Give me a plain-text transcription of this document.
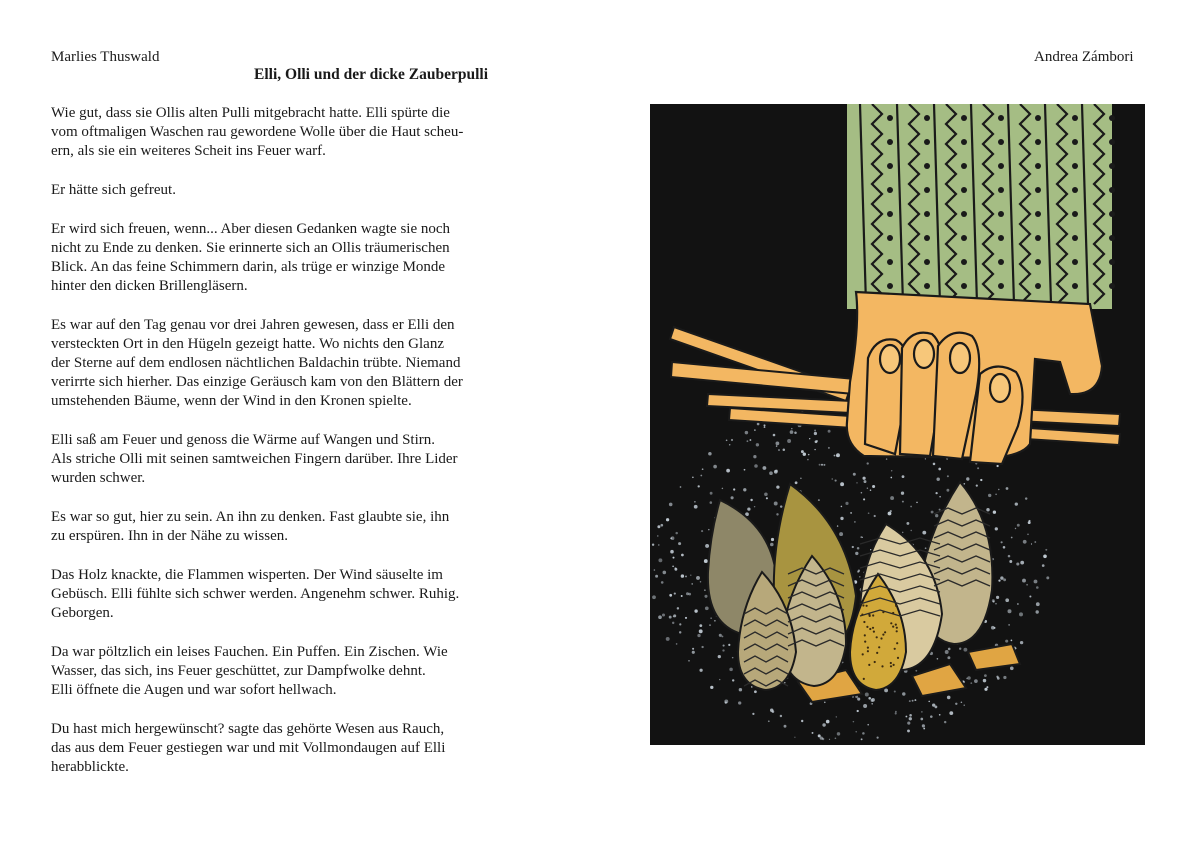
Marlies Thuswald	Andrea Zámbori
Elli, Olli und der dicke Zauberpulli

Wie gut, dass sie Ollis alten Pulli mitgebracht hatte. Elli spürte die
vom oftmaligen Waschen rau gewordene Wolle über die Haut scheu-
ern, als sie ein weiteres Scheit ins Feuer warf.

Er hätte sich gefreut.

Er wird sich freuen, wenn... Aber diesen Gedanken wagte sie noch
nicht zu Ende zu denken. Sie erinnerte sich an Ollis träumerischen
Blick. An das feine Schimmern darin, als trüge er winzige Monde
hinter den dicken Brillengläsern.

Es war auf den Tag genau vor drei Jahren gewesen, dass er Elli den
versteckten Ort in den Hügeln gezeigt hatte. Wo nichts den Glanz
der Sterne auf dem endlosen nächtlichen Baldachin trübte. Niemand
verirrte sich hierher. Das einzige Geräusch kam von den Blättern der
umstehenden Bäume, wenn der Wind in den Kronen spielte.

Elli saß am Feuer und genoss die Wärme auf Wangen und Stirn.
Als striche Olli mit seinen samtweichen Fingern darüber. Ihre Lider
wurden schwer.

Es war so gut, hier zu sein. An ihn zu denken. Fast glaubte sie, ihn
zu erspüren. Ihn in der Nähe zu wissen.

Das Holz knackte, die Flammen wisperten. Der Wind säuselte im
Gebüsch. Elli fühlte sich schwer werden. Angenehm schwer. Ruhig.
Geborgen.

Da war pöltzlich ein leises Fauchen. Ein Puffen. Ein Zischen. Wie
Wasser, das sich, ins Feuer geschüttet, zur Dampfwolke dehnt.
Elli öffnete die Augen und war sofort hellwach.

Du hast mich hergewünscht? sagte das gehörte Wesen aus Rauch,
das aus dem Feuer gestiegen war und mit Vollmondaugen auf Elli
herabblickte.
